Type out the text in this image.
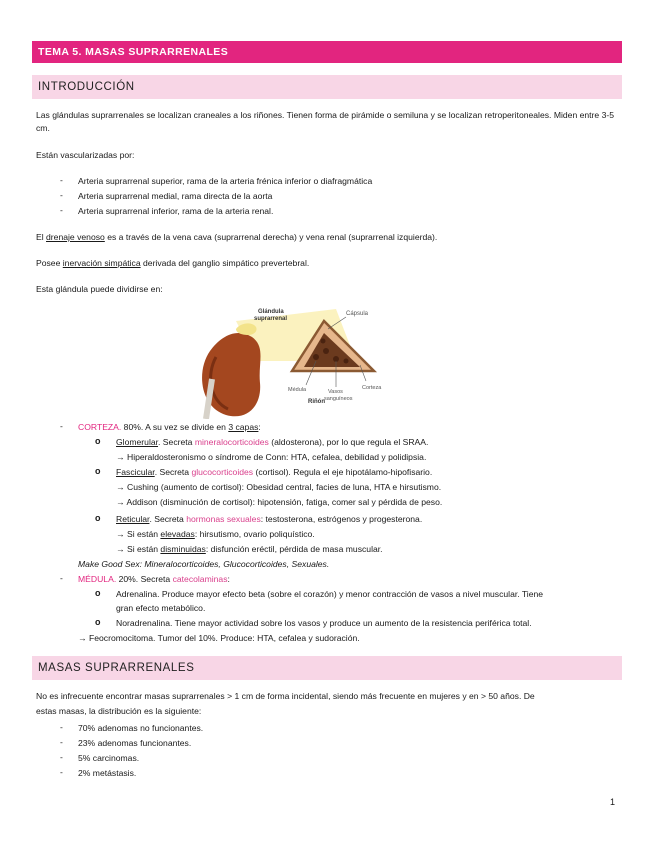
TEMA 5. MASAS SUPRARRENALES
INTRODUCCIÓN
Las glándulas suprarrenales se localizan craneales a los riñones. Tienen forma de pirámide o semiluna y se localizan retroperitoneales. Miden entre 3-5 cm.
Están vascularizadas por:
- Arteria suprarrenal superior, rama de la arteria frénica inferior o diafragmática
- Arteria suprarrenal medial, rama directa de la aorta
- Arteria suprarrenal inferior, rama de la arteria renal.
El drenaje venoso es a través de la vena cava (suprarrenal derecha) y vena renal (suprarrenal izquierda).
Posee inervación simpática derivada del ganglio simpático prevertebral.
Esta glándula puede dividirse en:
Glándula
suprarrenal
Cápsula
Médula	Vasos
sanguíneos
Corteza
Riñón
- CORTEZA. 80%. A su vez se divide en 3 capas:
o Glomerular. Secreta mineralocorticoides (aldosterona), por lo que regula el SRAA.
→ Hiperaldosteronismo o síndrome de Conn: HTA, cefalea, debilidad y polidipsia.
o Fascicular. Secreta glucocorticoides (cortisol). Regula el eje hipotálamo-hipofisario.
→ Cushing (aumento de cortisol): Obesidad central, facies de luna, HTA e hirsutismo.
→ Addison (disminución de cortisol): hipotensión, fatiga, comer sal y pérdida de peso.
o Reticular. Secreta hormonas sexuales: testosterona, estrógenos y progesterona.
→ Si están elevadas: hirsutismo, ovario poliquístico.
→ Si están disminuidas: disfunción eréctil, pérdida de masa muscular.
Make Good Sex: Mineralocorticoides, Glucocorticoides, Sexuales.
- MÉDULA. 20%. Secreta catecolaminas:
o Adrenalina. Produce mayor efecto beta (sobre el corazón) y menor contracción de vasos a nivel muscular. Tiene
gran efecto metabólico.
o Noradrenalina. Tiene mayor actividad sobre los vasos y produce un aumento de la resistencia periférica total.
→ Feocromocitoma. Tumor del 10%. Produce: HTA, cefalea y sudoración.
MASAS SUPRARRENALES
No es infrecuente encontrar masas suprarrenales > 1 cm de forma incidental, siendo más frecuente en mujeres y en > 50 años. De
estas masas, la distribución es la siguiente:
- 70% adenomas no funcionantes.
- 23% adenomas funcionantes.
- 5% carcinomas.
- 2% metástasis.
1
